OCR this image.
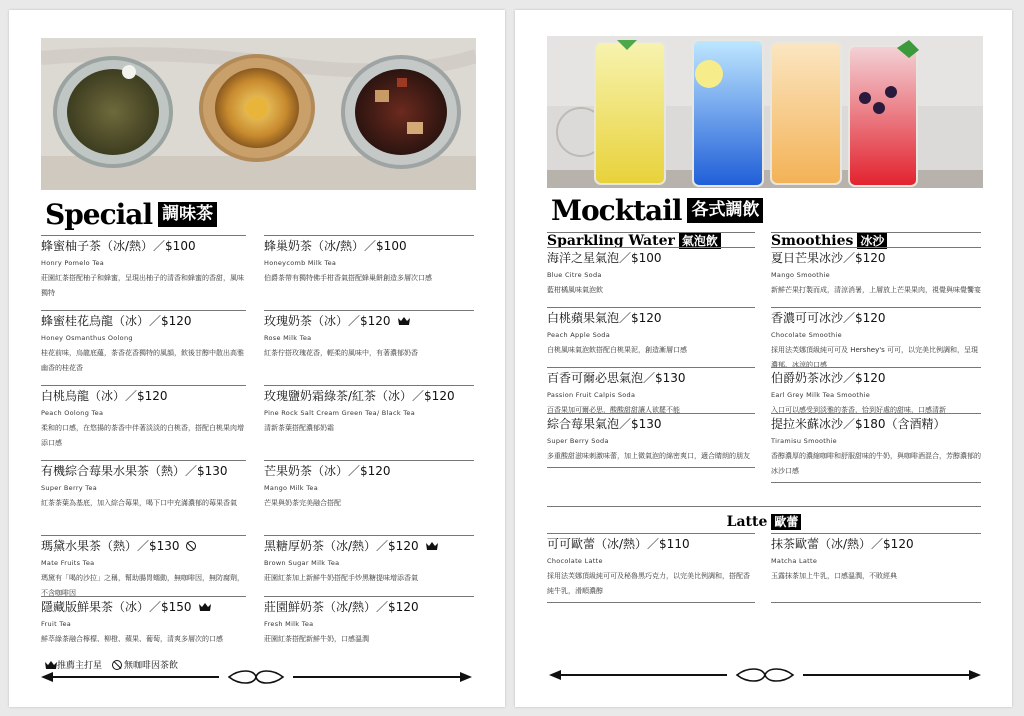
Special 調味茶
蜂蜜柚子茶（冰/熱）／$100
Honry Pomelo Tea
莊園紅茶搭配柚子和蜂蜜，呈現出柚子的清香和蜂蜜的香甜，風味獨特
蜂蜜桂花烏龍（冰）／$120
Honey Osmanthus Oolong
桂花前味，烏龍底蘊，茶香花香獨特的風韻，飲後甘醇中散出高雅幽香的桂花香
白桃烏龍（冰）／$120
Peach Oolong Tea
柔和的口感，在悠揚的茶香中伴著淡淡的白桃香，搭配白桃果肉增添口感
有機綜合莓果水果茶（熱）／$130
Super Berry Tea
紅茶茶葉為基底，加入綜合莓果，喝下口中充滿濃郁的莓果香氣
瑪黛水果茶（熱）／$130
Mate Fruits Tea
瑪黛有「喝的沙拉」之稱，幫助腸胃蠕動，無咖啡因，無防腐劑，不含咖啡因
隱藏版鮮果茶（冰）／$150
Fruit Tea
鮮萃綠茶融合檸檬、柳橙、蘋果、葡萄，清爽多層次的口感
蜂巢奶茶（冰/熱）／$100
Honeycomb Milk Tea
伯爵茶帶有獨特佛手柑香氣搭配蜂巢餅創造多層次口感
玫瑰奶茶（冰）／$120
Rose Milk Tea
紅茶佇搭玫瑰花香，輕柔的風味中，有著濃郁奶香
玫瑰鹽奶霜綠茶/紅茶（冰）／$120
Pine Rock Salt Cream Green Tea/ Black Tea
清新茶葉搭配濃郁奶霜
芒果奶茶（冰）／$120
Mango Milk Tea
芒果與奶茶完美融合搭配
黑糖厚奶茶（冰/熱）／$120
Brown Sugar Milk Tea
莊園紅茶加上新鮮牛奶搭配手炒黑糖提味增添香氣
莊園鮮奶茶（冰/熱）／$120
Fresh Milk Tea
莊園紅茶搭配新鮮牛奶，口感溫潤
推薦主打星 無咖啡因茶飲
Mocktail 各式調飲
Sparkling Water 氣泡飲
海洋之星氣泡／$100
Blue Citre Soda
藍柑橘風味氣泡飲
白桃蘋果氣泡／$120
Peach Apple Soda
白桃風味氣泡飲搭配白桃果泥，創造漸層口感
百香可爾必思氣泡／$130
Passion Fruit Calpis Soda
百香果加可爾必思，酸酸甜甜讓人欲罷不能
綜合莓果氣泡／$130
Super Berry Soda
多重酸甜滋味刺激味蕾，加上微氣泡的綿密爽口，適合睛朗的朋友
Smoothies 冰沙
夏日芒果冰沙／$120
Mango Smoothie
新鮮芒果打製而成，清涼消暑，上層放上芒果果肉，視覺與味覺饗宴
香濃可可冰沙／$120
Chocolate Smoothie
採用法芙娜頂級純可可及 Hershey's 可可，以完美比例調和，呈現濃郁、冰涼的口感
伯爵奶茶冰沙／$120
Earl Grey Milk Tea Smoothie
入口可以感受到淡雅的茶香，恰到好處的甜味，口感清新
提拉米蘇冰沙／$180（含酒精）
Tiramisu Smoothie
香醇濃厚的濃縮咖啡和舒服甜味的牛奶，與咖啡酒混合，芳醇濃郁的冰沙口感
Latte 歐蕾
可可歐蕾（冰/熱）／$110
Chocolate Latte
採用法芙娜頂級純可可及秘魯黑巧克力，以完美比例調和，搭配香純牛乳，滑順濃醇
抹茶歐蕾（冰/熱）／$120
Matcha Latte
玉露抹茶加上牛乳，口感溫潤，不敗經典
